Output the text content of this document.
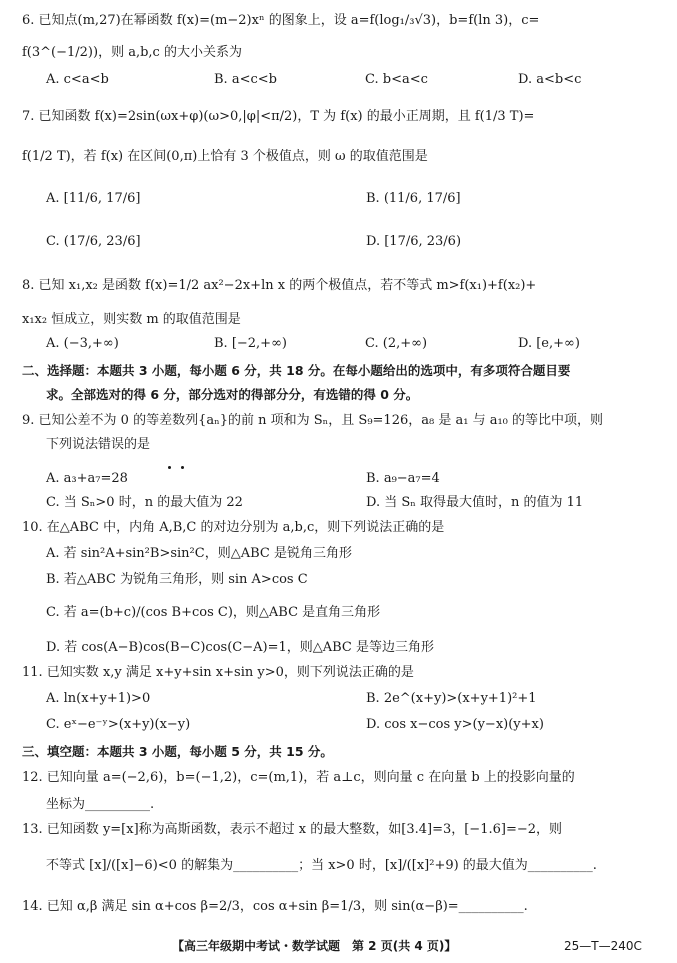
6. 已知点(m,27)在幂函数 f(x)=(m−2)xⁿ 的图象上，设 a=f(log₁/₃√3)，b=f(ln 3)，c=
f(3^(−1/2))，则 a,b,c 的大小关系为
A. c<a<b	B. a<c<b	C. b<a<c	D. a<b<c
7. 已知函数 f(x)=2sin(ωx+φ)(ω>0,|φ|<π/2)，T 为 f(x) 的最小正周期，且 f(1/3 T)=
f(1/2 T)，若 f(x) 在区间(0,π)上恰有 3 个极值点，则 ω 的取值范围是
A. [11/6, 17/6]	B. (11/6, 17/6]
C. (17/6, 23/6]	D. [17/6, 23/6)
8. 已知 x₁,x₂ 是函数 f(x)=1/2 ax²−2x+ln x 的两个极值点，若不等式 m>f(x₁)+f(x₂)+
x₁x₂ 恒成立，则实数 m 的取值范围是
A. (−3,+∞)	B. [−2,+∞)	C. (2,+∞)	D. [e,+∞)
二、选择题：本题共 3 小题，每小题 6 分，共 18 分。在每小题给出的选项中，有多项符合题目要
求。全部选对的得 6 分，部分选对的得部分分，有选错的得 0 分。
9. 已知公差不为 0 的等差数列{aₙ}的前 n 项和为 Sₙ，且 S₉=126，a₈ 是 a₁ 与 a₁₀ 的等比中项，则
下列说法错误的是
A. a₃+a₇=28	B. a₉−a₇=4
C. 当 Sₙ>0 时，n 的最大值为 22	D. 当 Sₙ 取得最大值时，n 的值为 11
10. 在△ABC 中，内角 A,B,C 的对边分别为 a,b,c，则下列说法正确的是
A. 若 sin²A+sin²B>sin²C，则△ABC 是锐角三角形
B. 若△ABC 为锐角三角形，则 sin A>cos C
C. 若 a=(b+c)/(cos B+cos C)，则△ABC 是直角三角形
D. 若 cos(A−B)cos(B−C)cos(C−A)=1，则△ABC 是等边三角形
11. 已知实数 x,y 满足 x+y+sin x+sin y>0，则下列说法正确的是
A. ln(x+y+1)>0	B. 2e^(x+y)>(x+y+1)²+1
C. eˣ−e⁻ʸ>(x+y)(x−y)	D. cos x−cos y>(y−x)(y+x)
三、填空题：本题共 3 小题，每小题 5 分，共 15 分。
12. 已知向量 a=(−2,6)，b=(−1,2)，c=(m,1)，若 a⊥c，则向量 c 在向量 b 上的投影向量的
坐标为__________.
13. 已知函数 y=[x]称为高斯函数，表示不超过 x 的最大整数，如[3.4]=3，[−1.6]=−2，则
不等式 [x]/([x]−6)<0 的解集为__________；当 x>0 时，[x]/([x]²+9) 的最大值为__________.
14. 已知 α,β 满足 sin α+cos β=2/3，cos α+sin β=1/3，则 sin(α−β)=__________.
【高三年级期中考试・数学试题　第 2 页(共 4 页)】	25—T—240C
